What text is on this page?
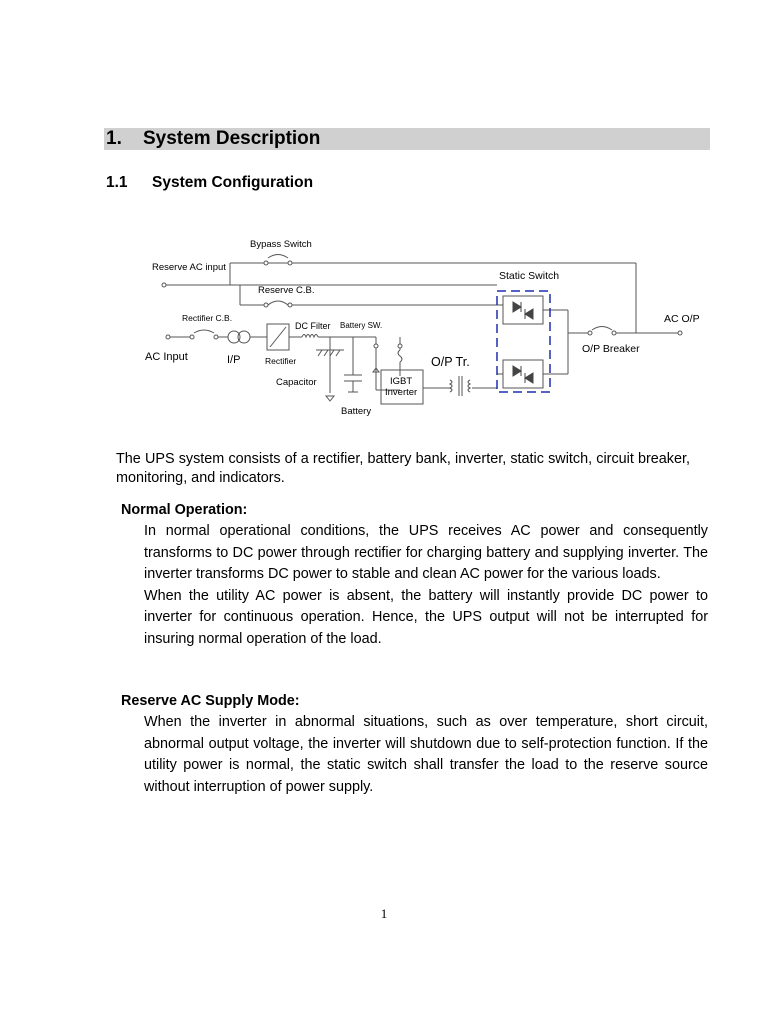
1. System Description
1.1 System Configuration
Bypass Switch
Reserve AC input
Reserve C.B.
Static Switch
Rectifier C.B.
DC Filter Battery SW.
AC O/P
AC Input	I/P	Rectifier	O/P Tr.
O/P Breaker
Capacitor	IGBT
Inverter
Battery

The UPS system consists of a rectifier, battery bank, inverter, static switch, circuit breaker, monitoring, and indicators.

Normal Operation:

In normal operational conditions, the UPS receives AC power and consequently transforms to DC power through rectifier for charging battery and supplying inverter. The inverter transforms DC power to stable and clean AC power for the various loads.

When the utility AC power is absent, the battery will instantly provide DC power to inverter for continuous operation. Hence, the UPS output will not be interrupted for insuring normal operation of the load.

Reserve AC Supply Mode:

When the inverter in abnormal situations, such as over temperature, short circuit, abnormal output voltage, the inverter will shutdown due to self-protection function. If the utility power is normal, the static switch shall transfer the load to the reserve source without interruption of power supply.

1
